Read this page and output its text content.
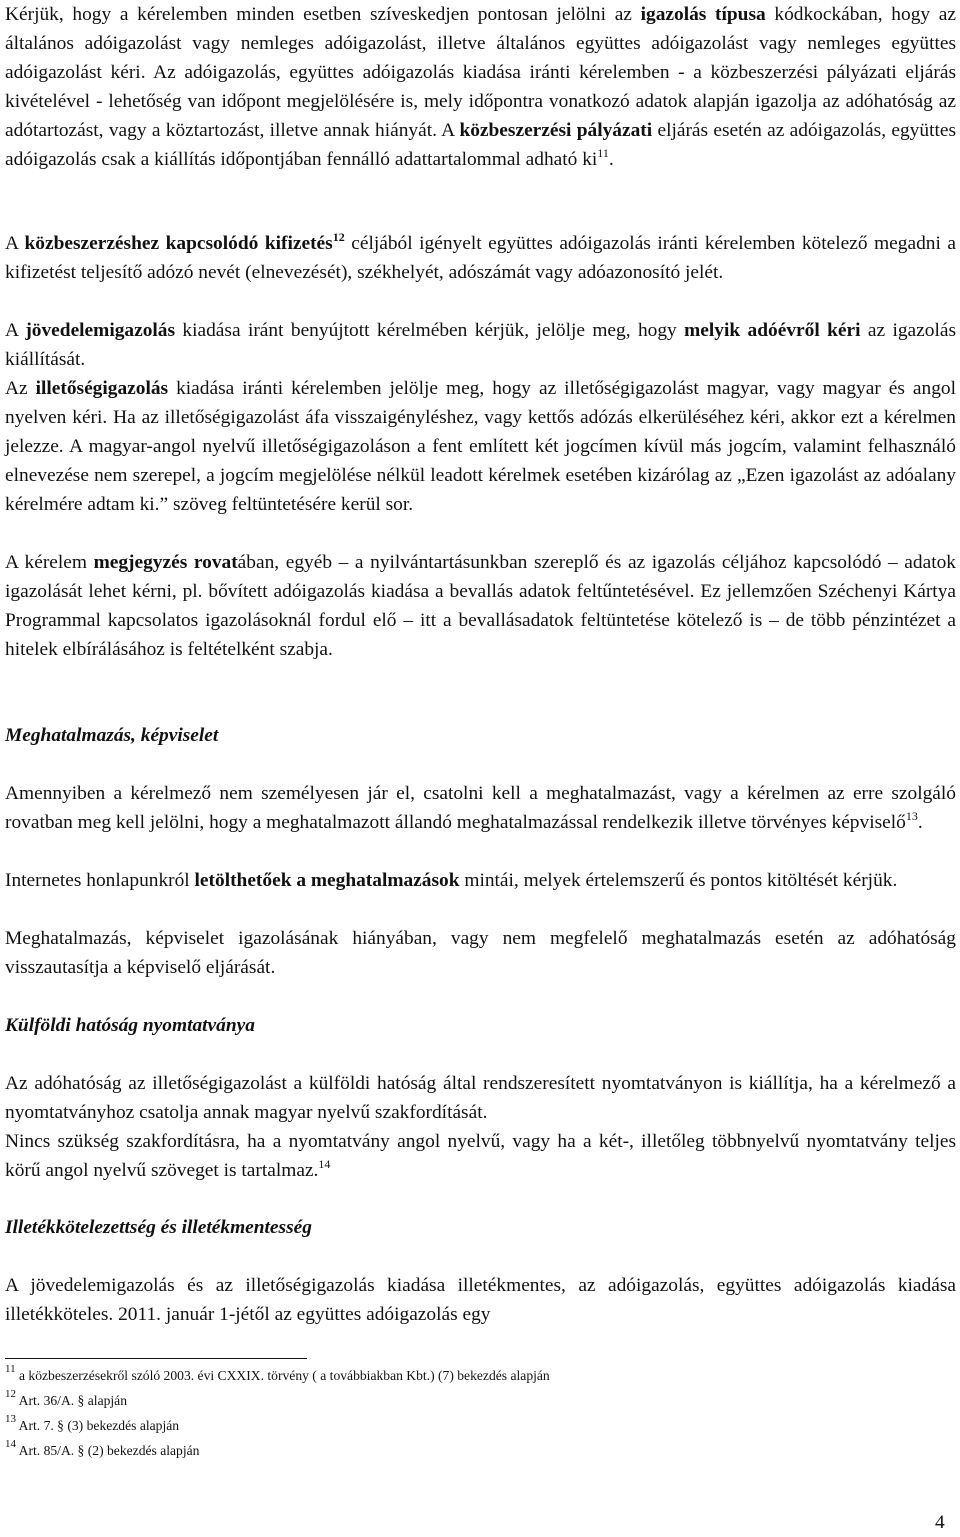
Kérjük, hogy a kérelemben minden esetben szíveskedjen pontosan jelölni az igazolás típusa kódkockában, hogy az általános adóigazolást vagy nemleges adóigazolást, illetve általános együttes adóigazolást vagy nemleges együttes adóigazolást kéri. Az adóigazolás, együttes adóigazolás kiadása iránti kérelemben - a közbeszerzési pályázati eljárás kivételével - lehetőség van időpont megjelölésére is, mely időpontra vonatkozó adatok alapján igazolja az adóhatóság az adótartozást, vagy a köztartozást, illetve annak hiányát. A közbeszerzési pályázati eljárás esetén az adóigazolás, együttes adóigazolás csak a kiállítás időpontjában fennálló adattartalommal adható $ki^{11}$.

A közbeszerzéshez kapcsolódó kifizetés$^{12}$ céljából igényelt együttes adóigazolás iránti kérelemben kötelező megadni a kifizetést teljesítő adózó nevét (elnevezését), székhelyét, adószámát vagy adóazonosító jelét.

A jövedelemigazolás kiadása iránt benyújtott kérelmében kérjük, jelölje meg, hogy melyik adóévről kéri az igazolás kiállítását.

Az illetőségigazolás kiadása iránti kérelemben jelölje meg, hogy az illetőségigazolást magyar, vagy magyar és angol nyelven kéri. Ha az illetőségigazolást áfa visszaigényléshez, vagy kettős adózás elkerüléséhez kéri, akkor ezt a kérelmen jelezze. A magyar-angol nyelvű illetőségigazoláson a fent említett két jogcímen kívül más jogcím, valamint felhasználó elnevezése nem szerepel, a jogcím megjelölése nélkül leadott kérelmek esetében kizárólag az „Ezen igazolást az adóalany kérelmére adtam ki.” szöveg feltüntetésére kerül sor.

A kérelem megjegyzés rovatában, egyéb – a nyilvántartásunkban szereplő és az igazolás céljához kapcsolódó – adatok igazolását lehet kérni, pl. bővített adóigazolás kiadása a bevallás adatok feltűntetésével. Ez jellemzően Széchenyi Kártya Programmal kapcsolatos igazolásoknál fordul elő – itt a bevallásadatok feltüntetése kötelező is – de több pénzintézet a hitelek elbírálásához is feltételként szabja.

Meghatalmazás, képviselet

Amennyiben a kérelmező nem személyesen jár el, csatolni kell a meghatalmazást, vagy a kérelmen az erre szolgáló rovatban meg kell jelölni, hogy a meghatalmazott állandó meghatalmazással rendelkezik illetve törvényes képviselő$^{13}$.

Internetes honlapunkról letölthetőek a meghatalmazások mintái, melyek értelemszerű és pontos kitöltését kérjük.

Meghatalmazás, képviselet igazolásának hiányában, vagy nem megfelelő meghatalmazás esetén az adóhatóság visszautasítja a képviselő eljárását.

Külföldi hatóság nyomtatványa

Az adóhatóság az illetőségigazolást a külföldi hatóság által rendszeresített nyomtatványon is kiállítja, ha a kérelmező a nyomtatványhoz csatolja annak magyar nyelvű szakfordítását.

Nincs szükség szakfordításra, ha a nyomtatvány angol nyelvű, vagy ha a két-, illetőleg többnyelvű nyomtatvány teljes körű angol nyelvű szöveget is tartalmaz.$^{14}$

Illetékkötelezettség és illetékmentesség

A jövedelemigazolás és az illetőségigazolás kiadása illetékmentes, az adóigazolás, együttes adóigazolás kiadása illetékköteles. 2011. január 1-jétől az együttes adóigazolás egy

$^{11}$ a közbeszerzésekről szóló 2003. évi CXXIX. törvény ( a továbbiakban Kbt.) (7) bekezdés alapján

$^{12}$ Art. 36/A. § alapján

$^{13}$ Art. 7. § (3) bekezdés alapján

$^{14}$ Art. 85/A. § (2) bekezdés alapján

4
